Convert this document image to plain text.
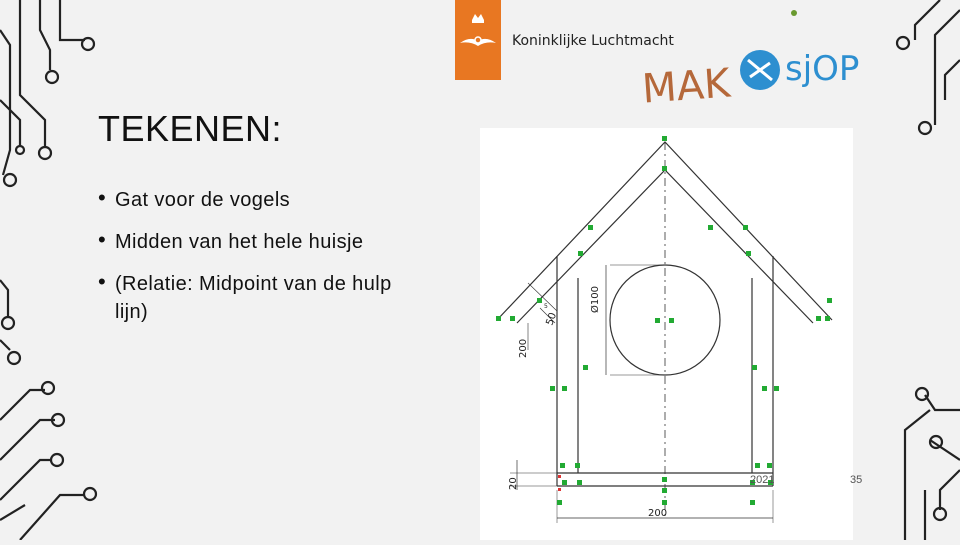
Koninklijke Luchtmacht
MAK sjOP
TEKENEN:
• Gat voor de vogels
• Midden van het hele huisje
• (Relatie: Midpoint van de hulp lijn)	Ø100
50
5
200
20
200
2021	35
